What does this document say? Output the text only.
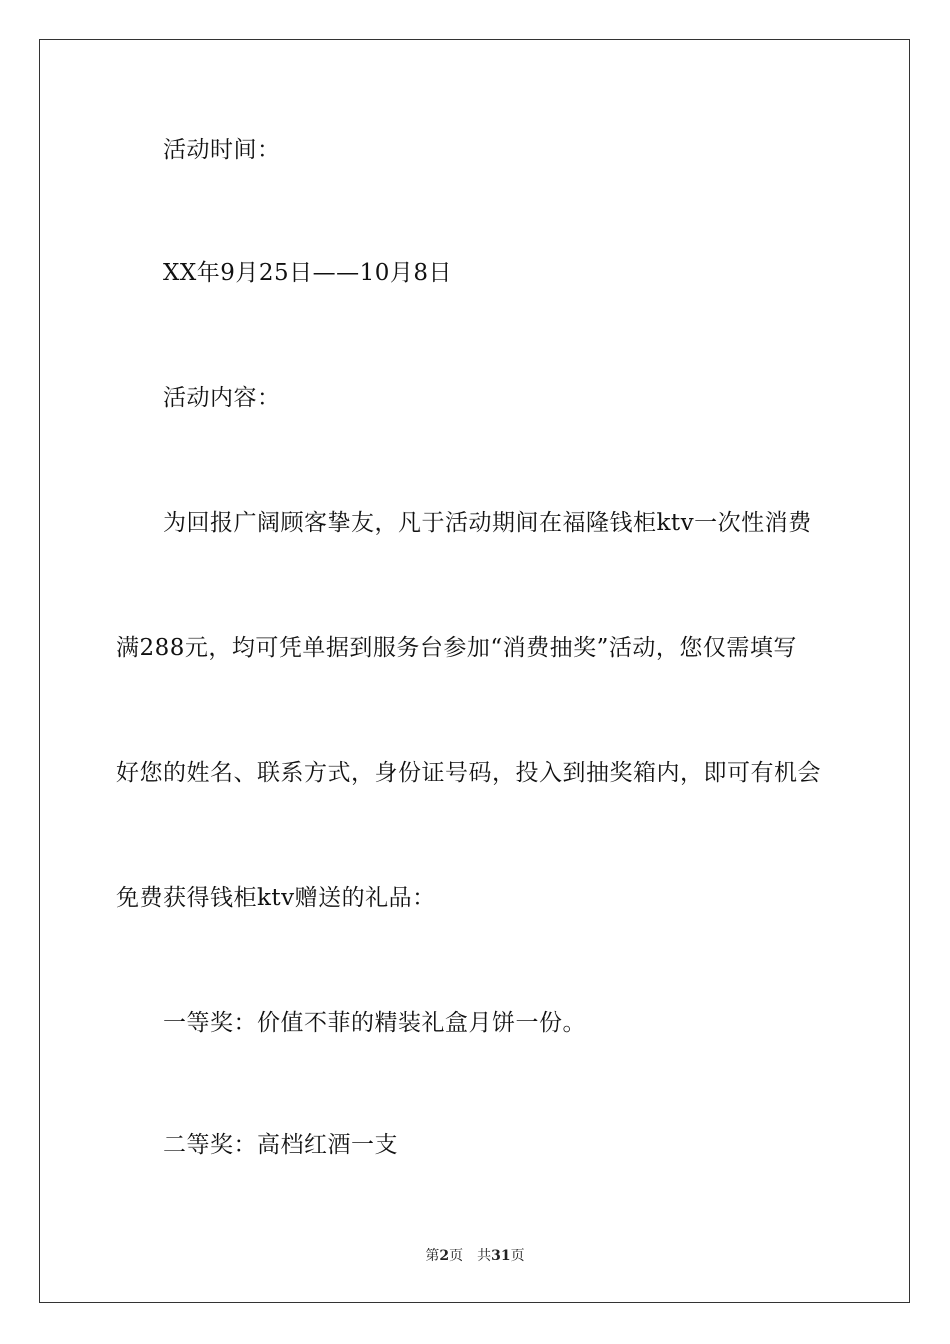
活动时间：
XX年9月25日——10月8日
活动内容：
为回报广阔顾客挚友，凡于活动期间在福隆钱柜ktv一次性消费
满288元，均可凭单据到服务台参加“消费抽奖”活动，您仅需填写
好您的姓名、联系方式，身份证号码，投入到抽奖箱内，即可有机会
免费获得钱柜ktv赠送的礼品：
一等奖：价值不菲的精装礼盒月饼一份。
二等奖：高档红酒一支
第2页 共31页
